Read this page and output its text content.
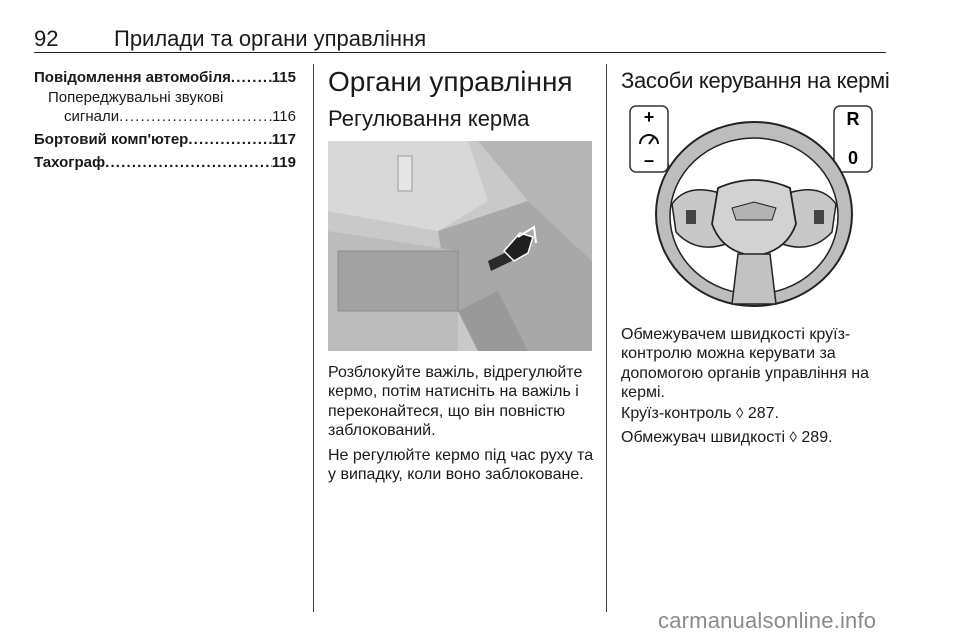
92	Прилади та органи управління
Повідомлення автомобіля . . .	115
Попереджувальні звукові
сигнали . . .	116
Бортовий комп'ютер . . .	117
Тахограф . . .	119
Органи управління
Регулювання керма

Розблокуйте важіль, відрегулюйте
кермо, потім натисніть на важіль і
переконайтеся, що він повністю
заблокований.

Не регулюйте кермо під час руху та
у випадку, коли воно заблоковане.

Засоби керування на кермі
+
–
R
0

Обмежувачем швидкості круїз-
контролю можна керувати за
допомогою органів управління на
кермі.

Круїз-контроль ◊ 287.

Обмежувач швидкості ◊ 289.

carmanualsonline.info
